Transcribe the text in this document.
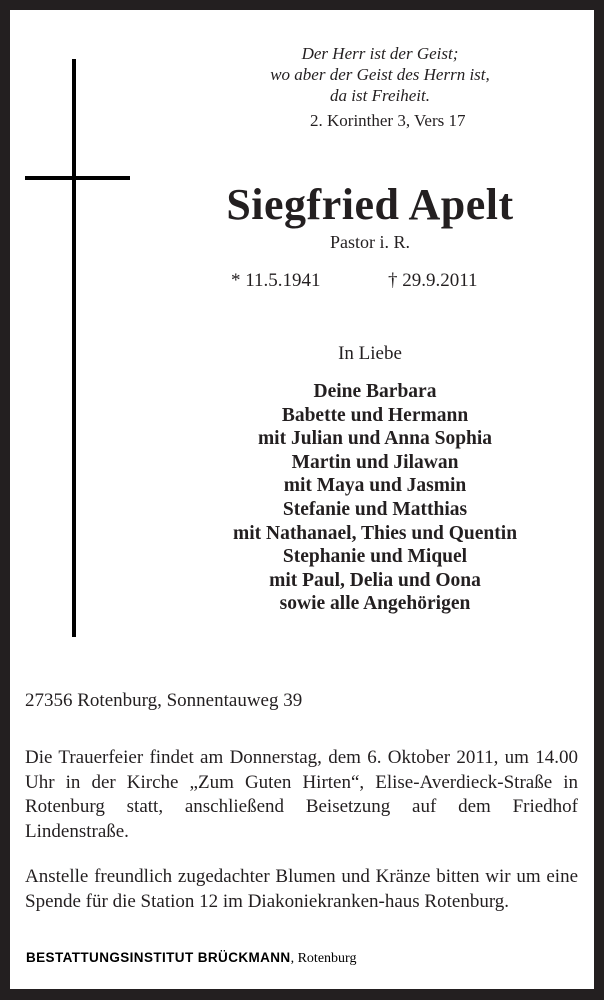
Der Herr ist der Geist;
wo aber der Geist des Herrn ist,
da ist Freiheit.
2. Korinther 3, Vers 17
Siegfried Apelt
Pastor i. R.
* 11.5.1941	† 29.9.2011
In Liebe
Deine Barbara
Babette und Hermann
mit Julian und Anna Sophia
Martin und Jilawan
mit Maya und Jasmin
Stefanie und Matthias
mit Nathanael, Thies und Quentin
Stephanie und Miquel
mit Paul, Delia und Oona
sowie alle Angehörigen
27356 Rotenburg, Sonnentauweg 39
Die Trauerfeier findet am Donnerstag, dem 6. Oktober 2011, um 14.00 Uhr in der Kirche „Zum Guten Hirten“, Elise-Averdieck-Straße in Rotenburg statt, anschließend Beisetzung auf dem Friedhof Lindenstraße.
Anstelle freundlich zugedachter Blumen und Kränze bitten wir um eine Spende für die Station 12 im Diakoniekranken-haus Rotenburg.
BESTATTUNGSINSTITUT BRÜCKMANN, Rotenburg
